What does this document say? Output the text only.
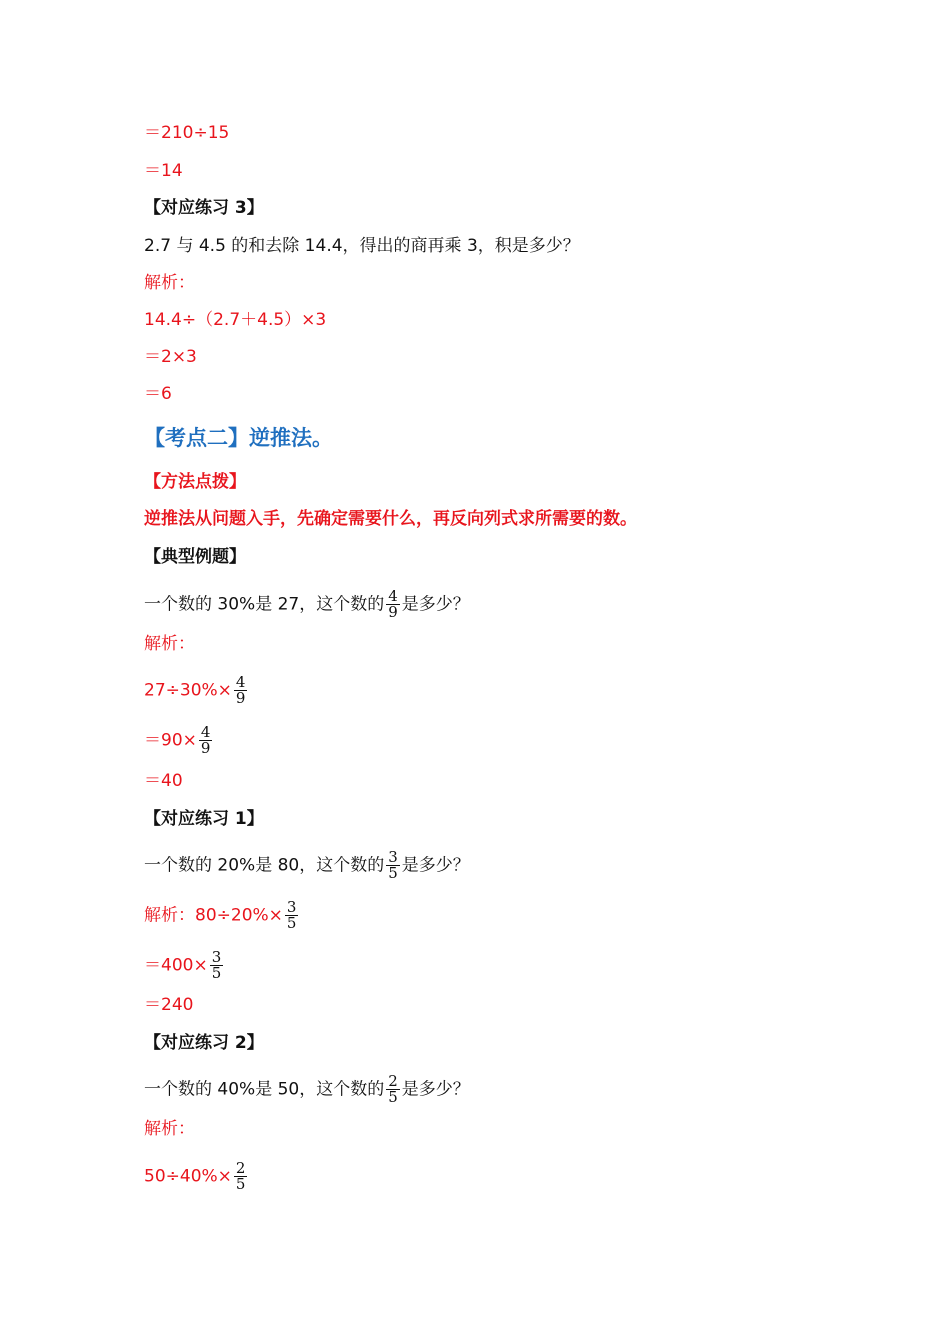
＝210÷15
＝14
【对应练习 3】
2.7 与 4.5 的和去除 14.4，得出的商再乘 3，积是多少？
解析：
14.4÷（2.7＋4.5）×3
＝2×3
＝6
【考点二】逆推法。
【方法点拨】
逆推法从问题入手，先确定需要什么，再反向列式求所需要的数。
【典型例题】
一个数的 30%是 27，这个数的 $\frac{4}{9}$ 是多少？
解析：
$27\div 30\%\times \frac{4}{9}$
$=90\times \frac{4}{9}$
＝40
【对应练习 1】
一个数的 20%是 80，这个数的 $\frac{3}{5}$ 是多少？
解析：$80\div 20\%\times \frac{3}{5}$
$=400\times \frac{3}{5}$
＝240
【对应练习 2】
一个数的 40%是 50，这个数的 $\frac{2}{5}$ 是多少？
解析：
$50\div 40\%\times \frac{2}{5}$
